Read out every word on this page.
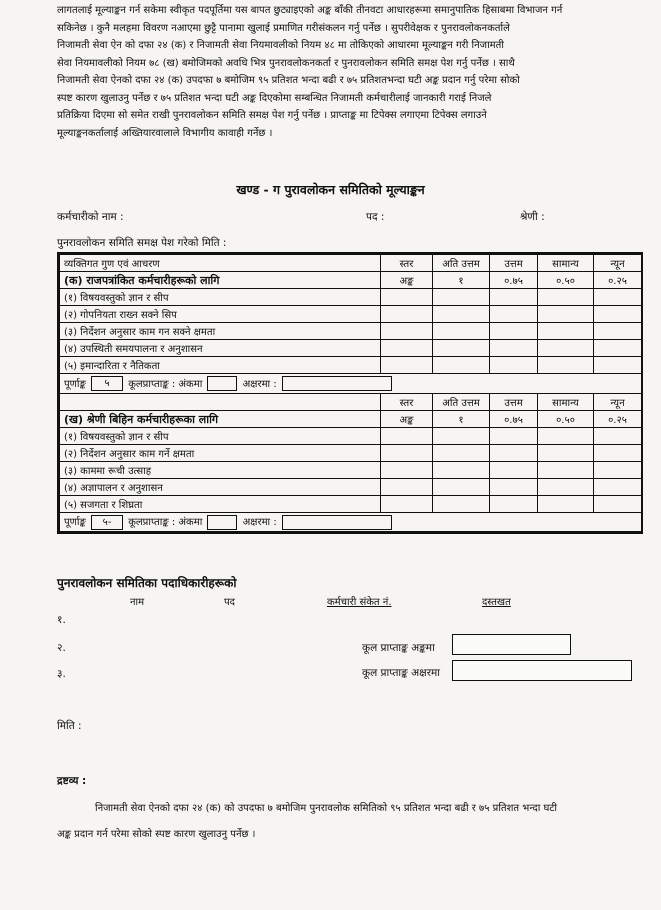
लागतलाई मूल्याङ्कन गर्न सकेमा स्वीकृत पदपूर्तिमा यस बापत छुट्याइएको अङ्क बाँकी तीनवटा आधारहरूमा समानुपातिक हिसाबमा विभाजन गर्न
सकिनेछ । कुनै मलहमा विवरण नआएमा छुट्टै पानामा खुलाई प्रमाणित गरीसंकलन गर्नु पर्नेछ । सुपरीवेक्षक र पुनरावलोकनकर्ताले
निजामती सेवा ऐन को दफा २४ (क) र निजामती सेवा नियमावलीको नियम ४८ मा तोकिएको आधारमा मूल्याङ्कन गरी निजामती
सेवा नियमावलीको नियम ७८ (ख) बमोजिमको अवधि भित्र पुनरावलोकनकर्ता र पुनरावलोकन समिति समक्ष पेश गर्नु पर्नेछ । साथै
निजामती सेवा ऐनको दफा २४ (क) उपदफा ७ बमोजिम ९५ प्रतिशत भन्दा बढी र ७५ प्रतिशतभन्दा घटी अङ्क प्रदान गर्नु परेमा सोको
स्पष्ट कारण खुलाउनु पर्नेछ र ७५ प्रतिशत भन्दा घटी अङ्क दिएकोमा सम्बन्धित निजामती कर्मचारीलाई जानकारी गराई निजले
प्रतिक्रिया दिएमा सो समेत राखी पुनरावलोकन समिति समक्ष पेश गर्नु पर्नेछ । प्राप्ताङ्क मा टिपेक्स लगाएमा टिपेक्स लगाउने
मूल्याङ्कनकर्तालाई अख्तियारवालाले विभागीय कावाही गर्नेछ ।
खण्ड - ग पुरावलोकन समितिको मूल्याङ्कन
कर्मचारीको नाम :	पद :	श्रेणी :
पुनरावलोकन समिति समक्ष पेश गरेको मिति :
व्यक्तिगत गुण एवं आचरण	स्तर	अति उत्तम	उत्तम	सामान्य	न्यून
(क) राजपत्रांकित कर्मचारीहरूको लागि	अङ्क	१	०.७५	०.५०	०.२५
(१) विषयवस्तुको ज्ञान र सीप					
(२) गोपनियता राख्न सक्ने सिप					
(३) निर्देशन अनुसार काम गन सक्ने क्षमता					
(४) उपस्थिती समयपालना र अनुशासन					
(५) इमान्दारिता र नैतिकता					
पूर्णाङ्क ५ कूलप्राप्ताङ्क : अंकमा अक्षरमा :					
	स्तर	अति उत्तम	उत्तम	सामान्य	न्यून
(ख) श्रेणी बिहिन कर्मचारीहरूका लागि	अङ्क	१	०.७५	०.५०	०.२५
(१) विषयवस्तुको ज्ञान र सीप					
(२) निर्देशन अनुसार काम गर्ने क्षमता					
(३) काममा रूची उत्साह					
(४) अज्ञापालन र अनुशासन					
(५) सजगता र शिघ्रता					
पूर्णाङ्क ५- कूलप्राप्ताङ्क : अंकमा अक्षरमा :					
पुनरावलोकन समितिका पदाधिकारीहरूको
नाम	पद	कर्मचारी संकेत नं.	दस्तखत
१.
२.
३.
कूल प्राप्ताङ्क अङ्कमा
कूल प्राप्ताङ्क अक्षरमा
मिति :
द्रष्टव्य :
निजामती सेवा ऐनको दफा २४ (क) को उपदफा ७ बमोजिम पुनरावलोक समितिको ९५ प्रतिशत भन्दा बढी र ७५ प्रतिशत भन्दा घटी
अङ्क प्रदान गर्न परेमा सोको स्पष्ट कारण खुलाउनु पर्नेछ ।
